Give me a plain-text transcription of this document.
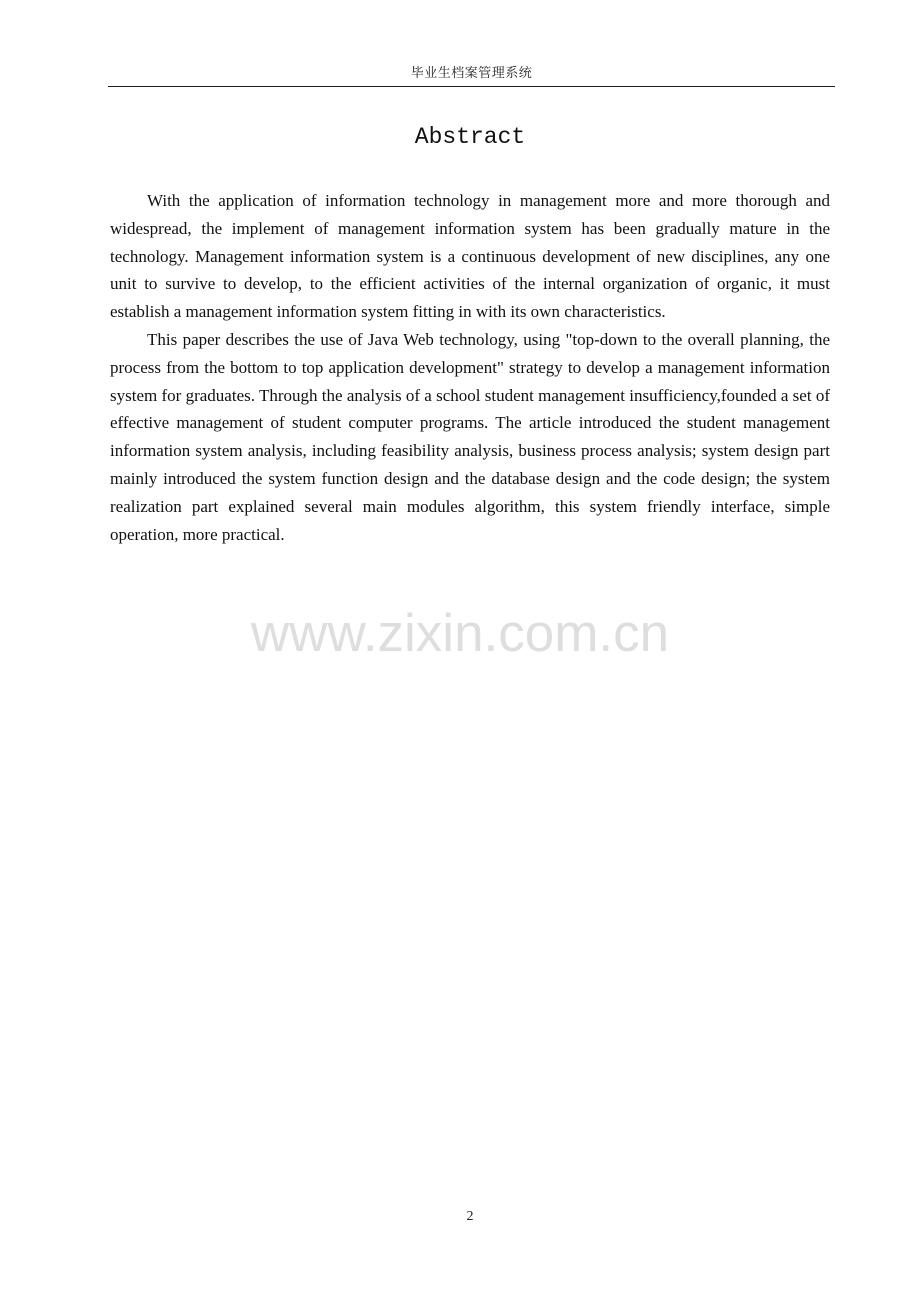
毕业生档案管理系统
Abstract

With the application of information technology in management more and more thorough and widespread, the implement of management information system has been gradually mature in the technology. Management information system is a continuous development of new disciplines, any one unit to survive to develop, to the efficient activities of the internal organization of organic, it must establish a management information system fitting in with its own characteristics.

This paper describes the use of Java Web technology, using "top-down to the overall planning, the process from the bottom to top application development" strategy to develop a management information system for graduates. Through the analysis of a school student management insufficiency,founded a set of effective management of student computer programs. The article introduced the student management information system analysis, including feasibility analysis, business process analysis; system design part mainly introduced the system function design and the database design and the code design; the system realization part explained several main modules algorithm, this system friendly interface, simple operation, more practical.

www.zixin.com.cn
2
